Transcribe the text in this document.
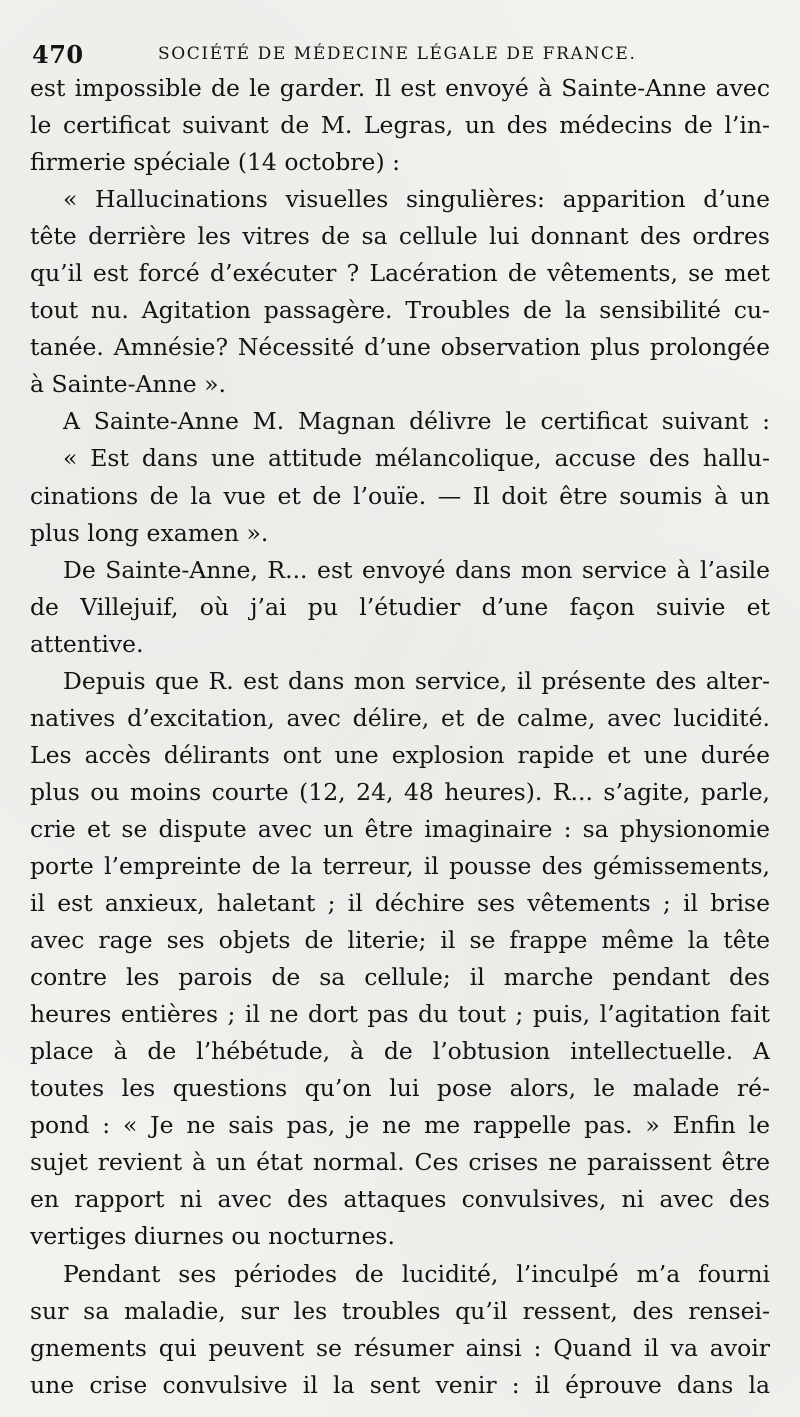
470	SOCIÉTÉ DE MÉDECINE LÉGALE DE FRANCE.
est impossible de le garder. Il est envoyé à Sainte-Anne avec
le certificat suivant de M. Legras, un des médecins de l’in-
firmerie spéciale (14 octobre) :
« Hallucinations visuelles singulières: apparition d’une
tête derrière les vitres de sa cellule lui donnant des ordres
qu’il est forcé d’exécuter ? Lacération de vêtements, se met
tout nu. Agitation passagère. Troubles de la sensibilité cu-
tanée. Amnésie? Nécessité d’une observation plus prolongée
à Sainte-Anne ».
A Sainte-Anne M. Magnan délivre le certificat suivant :
« Est dans une attitude mélancolique, accuse des hallu-
cinations de la vue et de l’ouïe. — Il doit être soumis à un
plus long examen ».
De Sainte-Anne, R... est envoyé dans mon service à l’asile
de Villejuif, où j’ai pu l’étudier d’une façon suivie et
attentive.
Depuis que R. est dans mon service, il présente des alter-
natives d’excitation, avec délire, et de calme, avec lucidité.
Les accès délirants ont une explosion rapide et une durée
plus ou moins courte (12, 24, 48 heures). R... s’agite, parle,
crie et se dispute avec un être imaginaire : sa physionomie
porte l’empreinte de la terreur, il pousse des gémissements,
il est anxieux, haletant ; il déchire ses vêtements ; il brise
avec rage ses objets de literie; il se frappe même la tête
contre les parois de sa cellule; il marche pendant des
heures entières ; il ne dort pas du tout ; puis, l’agitation fait
place à de l’hébétude, à de l’obtusion intellectuelle. A
toutes les questions qu’on lui pose alors, le malade ré-
pond : « Je ne sais pas, je ne me rappelle pas. » Enfin le
sujet revient à un état normal. Ces crises ne paraissent être
en rapport ni avec des attaques convulsives, ni avec des
vertiges diurnes ou nocturnes.
Pendant ses périodes de lucidité, l’inculpé m’a fourni
sur sa maladie, sur les troubles qu’il ressent, des rensei-
gnements qui peuvent se résumer ainsi : Quand il va avoir
une crise convulsive il la sent venir : il éprouve dans la
